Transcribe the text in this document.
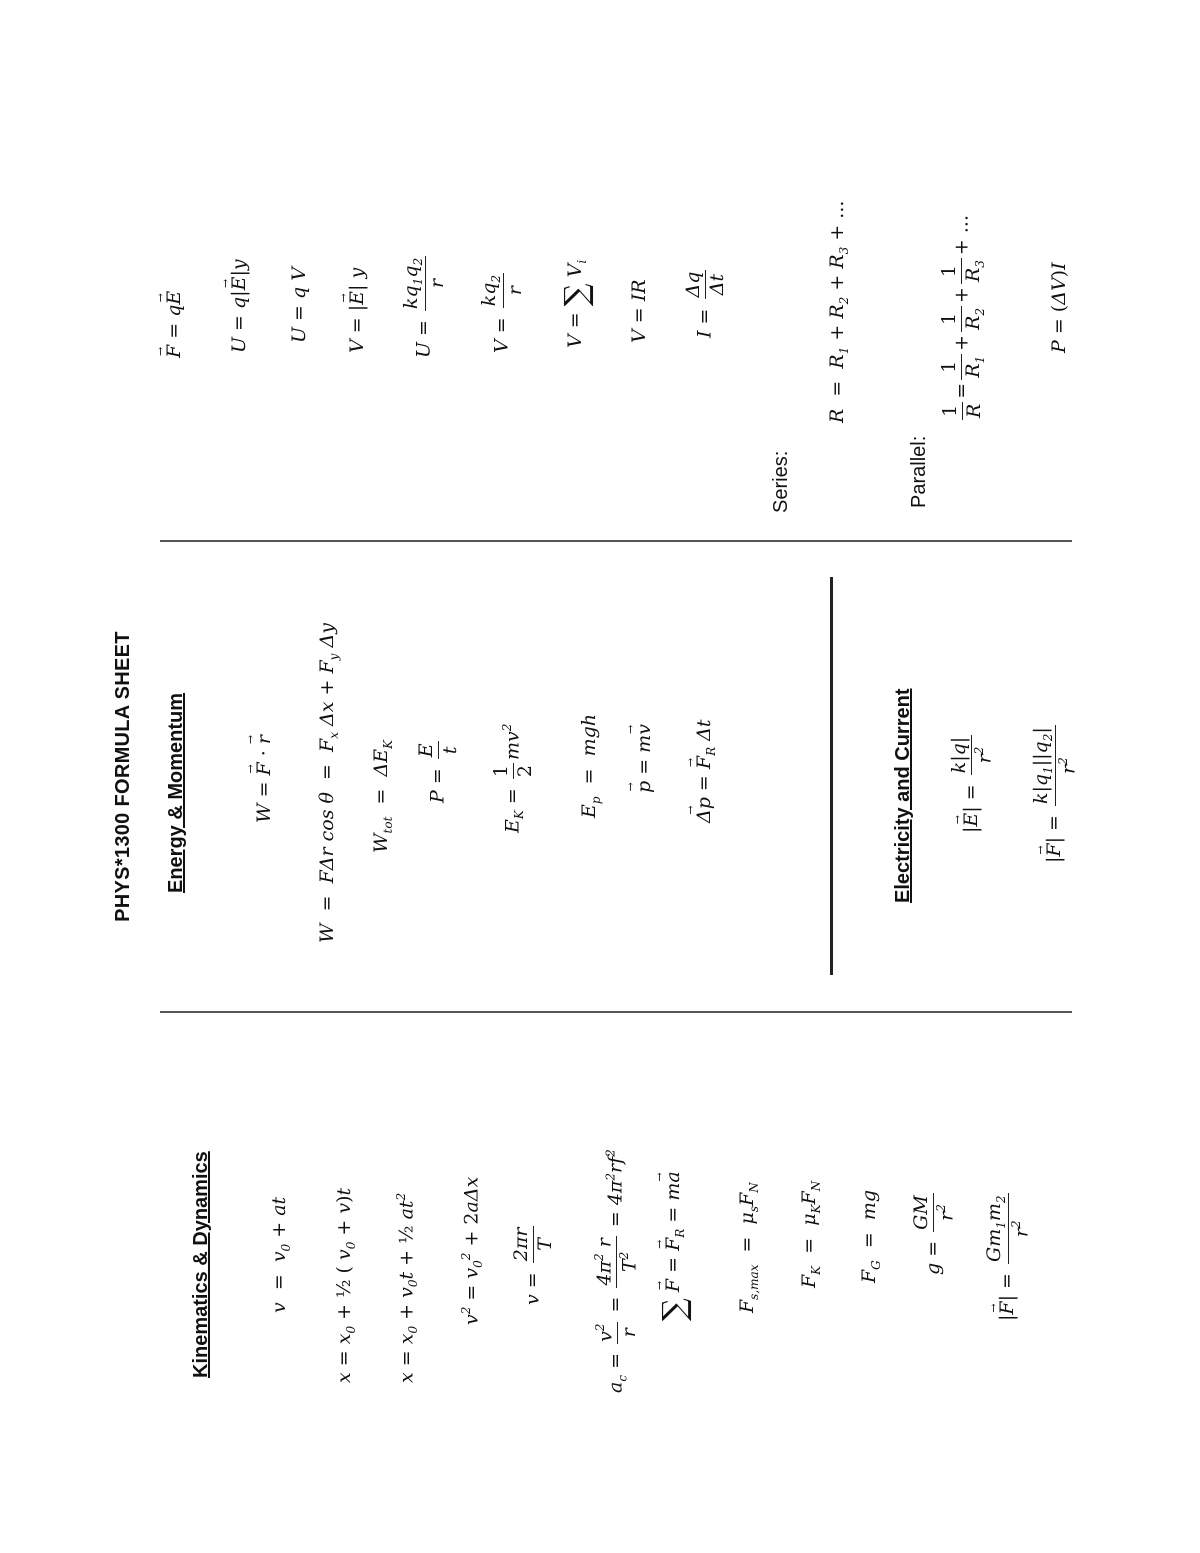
PHYS*1300 FORMULA SHEET
Kinematics & Dynamics	$v = v_0$ + at
$x = x_0$ + ½ ( $v_0 + v)t$
$x = x_0 + v_0t$ + ½ $at^2$
$v^2 = v_0^2 + 2a\Delta x$
v =
2πr T
$a_c$ =
$v^2$
r
=
$4\pi^2$ r
$T^2$
= $4\pi^2rf^2$
∑ → F = → $F_R = m\to a$
$F_{s,max} = \mu_sF_N$
$F_K = \mu_KF_N$
$F_G$  =  mg
g =
GM $r^2$
|→ F| =
$Gm_1m_2$
$r^2$
Energy & Momentum	W = → F · → r
W  =  FΔr $\cos \theta = F_x$ $\Delta x + F_y$ Δy
$W_{tot} = \Delta E_K$
P =
E t
$E_K$ =
1 2
$mv^2$
$E_p$  =  mgh
→ p = m→ v
→ Δp = → $F_R$ Δt	Electricity and Current	|→ E| =
k|q|
$r^2$
|→ F| =
$k|q_1||q_2|$
$r^2$
→ F = q→ E
U = q|→ E|y
U = q V
V = |→ E| y
U =
$kq_1q_2$
r
V =
$kq_2$
r
V = ∑ $V_i$
V = IR
I =
Δq Δt
Series:
$R = R_1 + R_2 + R_3$ + ...
Parallel:
1 R
=
1 $R_1$
+
1 $R_2$
+
1 $R_3$
+ ...
P = (ΔV)I
